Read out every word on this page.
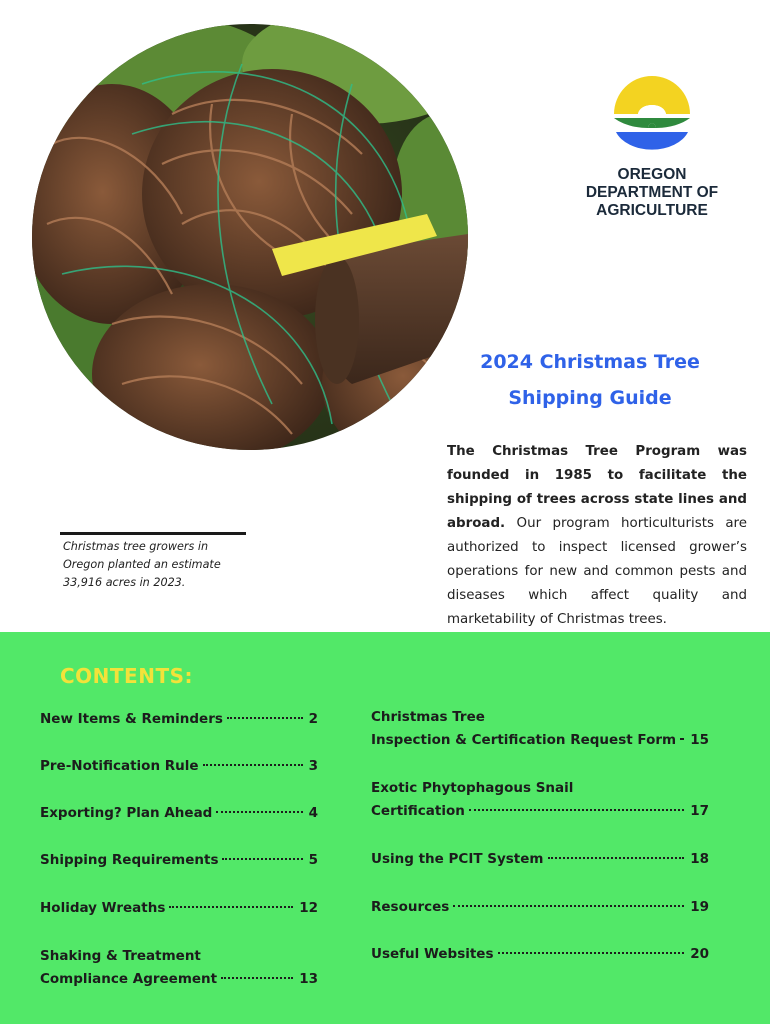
OREGON
DEPARTMENT OF
AGRICULTURE
2024 Christmas Tree
Shipping Guide
The Christmas Tree Program was founded in 1985 to facilitate the shipping of trees across state lines and abroad. Our program horticulturists are authorized to inspect licensed grower’s operations for new and common pests and diseases which affect quality and marketability of Christmas trees.
Christmas tree growers in Oregon planted an estimate 33,916 acres in 2023.
CONTENTS:
New Items & Reminders	2
Pre-Notification Rule	3
Exporting? Plan Ahead	4
Shipping Requirements	5
Holiday Wreaths	12
Shaking & Treatment
Compliance Agreement	13
Christmas Tree
Inspection & Certification Request Form 15
Exotic Phytophagous Snail
Certification	17
Using the PCIT System	18
Resources	19
Useful Websites	20
